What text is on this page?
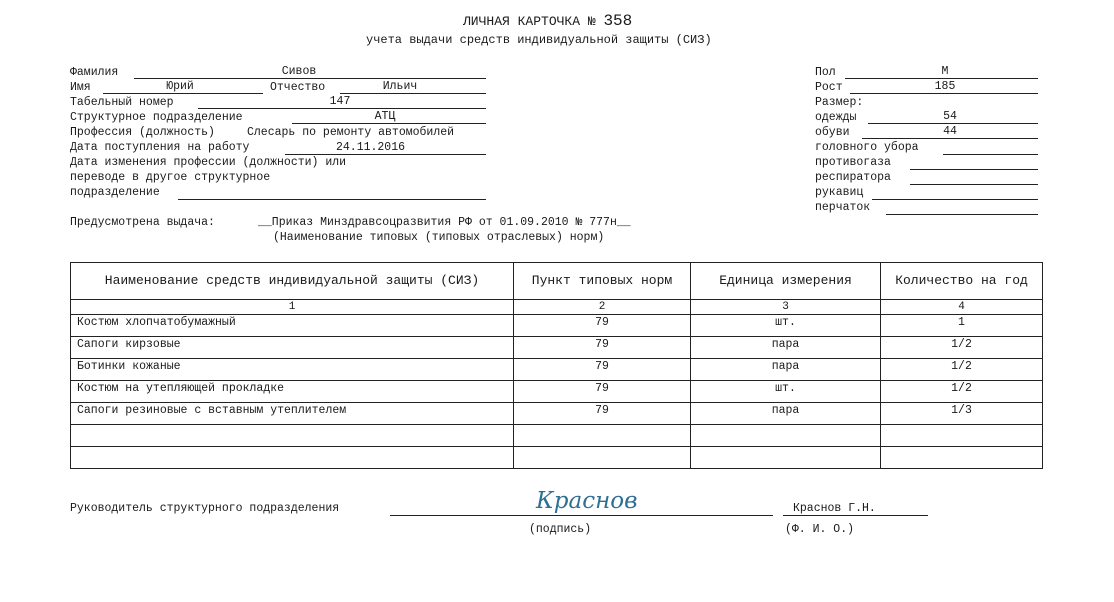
ЛИЧНАЯ КАРТОЧКА № 358
учета выдачи средств индивидуальной защиты (СИЗ)
Фамилия	Сивов
Имя	Юрий	Отчество	Ильич
Табельный номер	147
Структурное подразделение	АТЦ
Профессия (должность)	Слесарь по ремонту автомобилей
Дата поступления на работу	24.11.2016
Дата изменения профессии (должности) или
переводе в другое структурное
подразделение
Пол	М
Рост	185
Размер:
одежды	54
обуви	44
головного убора
противогаза
респиратора
рукавиц
перчаток
Предусмотрена выдача:	__Приказ Минздравсоцразвития РФ от 01.09.2010 № 777н__
(Наименование типовых (типовых отраслевых) норм)
Наименование средств индивидуальной защиты (СИЗ)	Пункт типовых норм	Единица измерения	Количество на год
1	2	3	4
Костюм хлопчатобумажный	79	шт.	1
Сапоги кирзовые	79	пара	1/2
Ботинки кожаные	79	пара	1/2
Костюм на утепляющей прокладке	79	шт.	1/2
Сапоги резиновые с вставным утеплителем	79	пара	1/3

Руководитель структурного подразделения	Краснов	Краснов Г.Н.
(подпись)	(Ф. И. О.)
